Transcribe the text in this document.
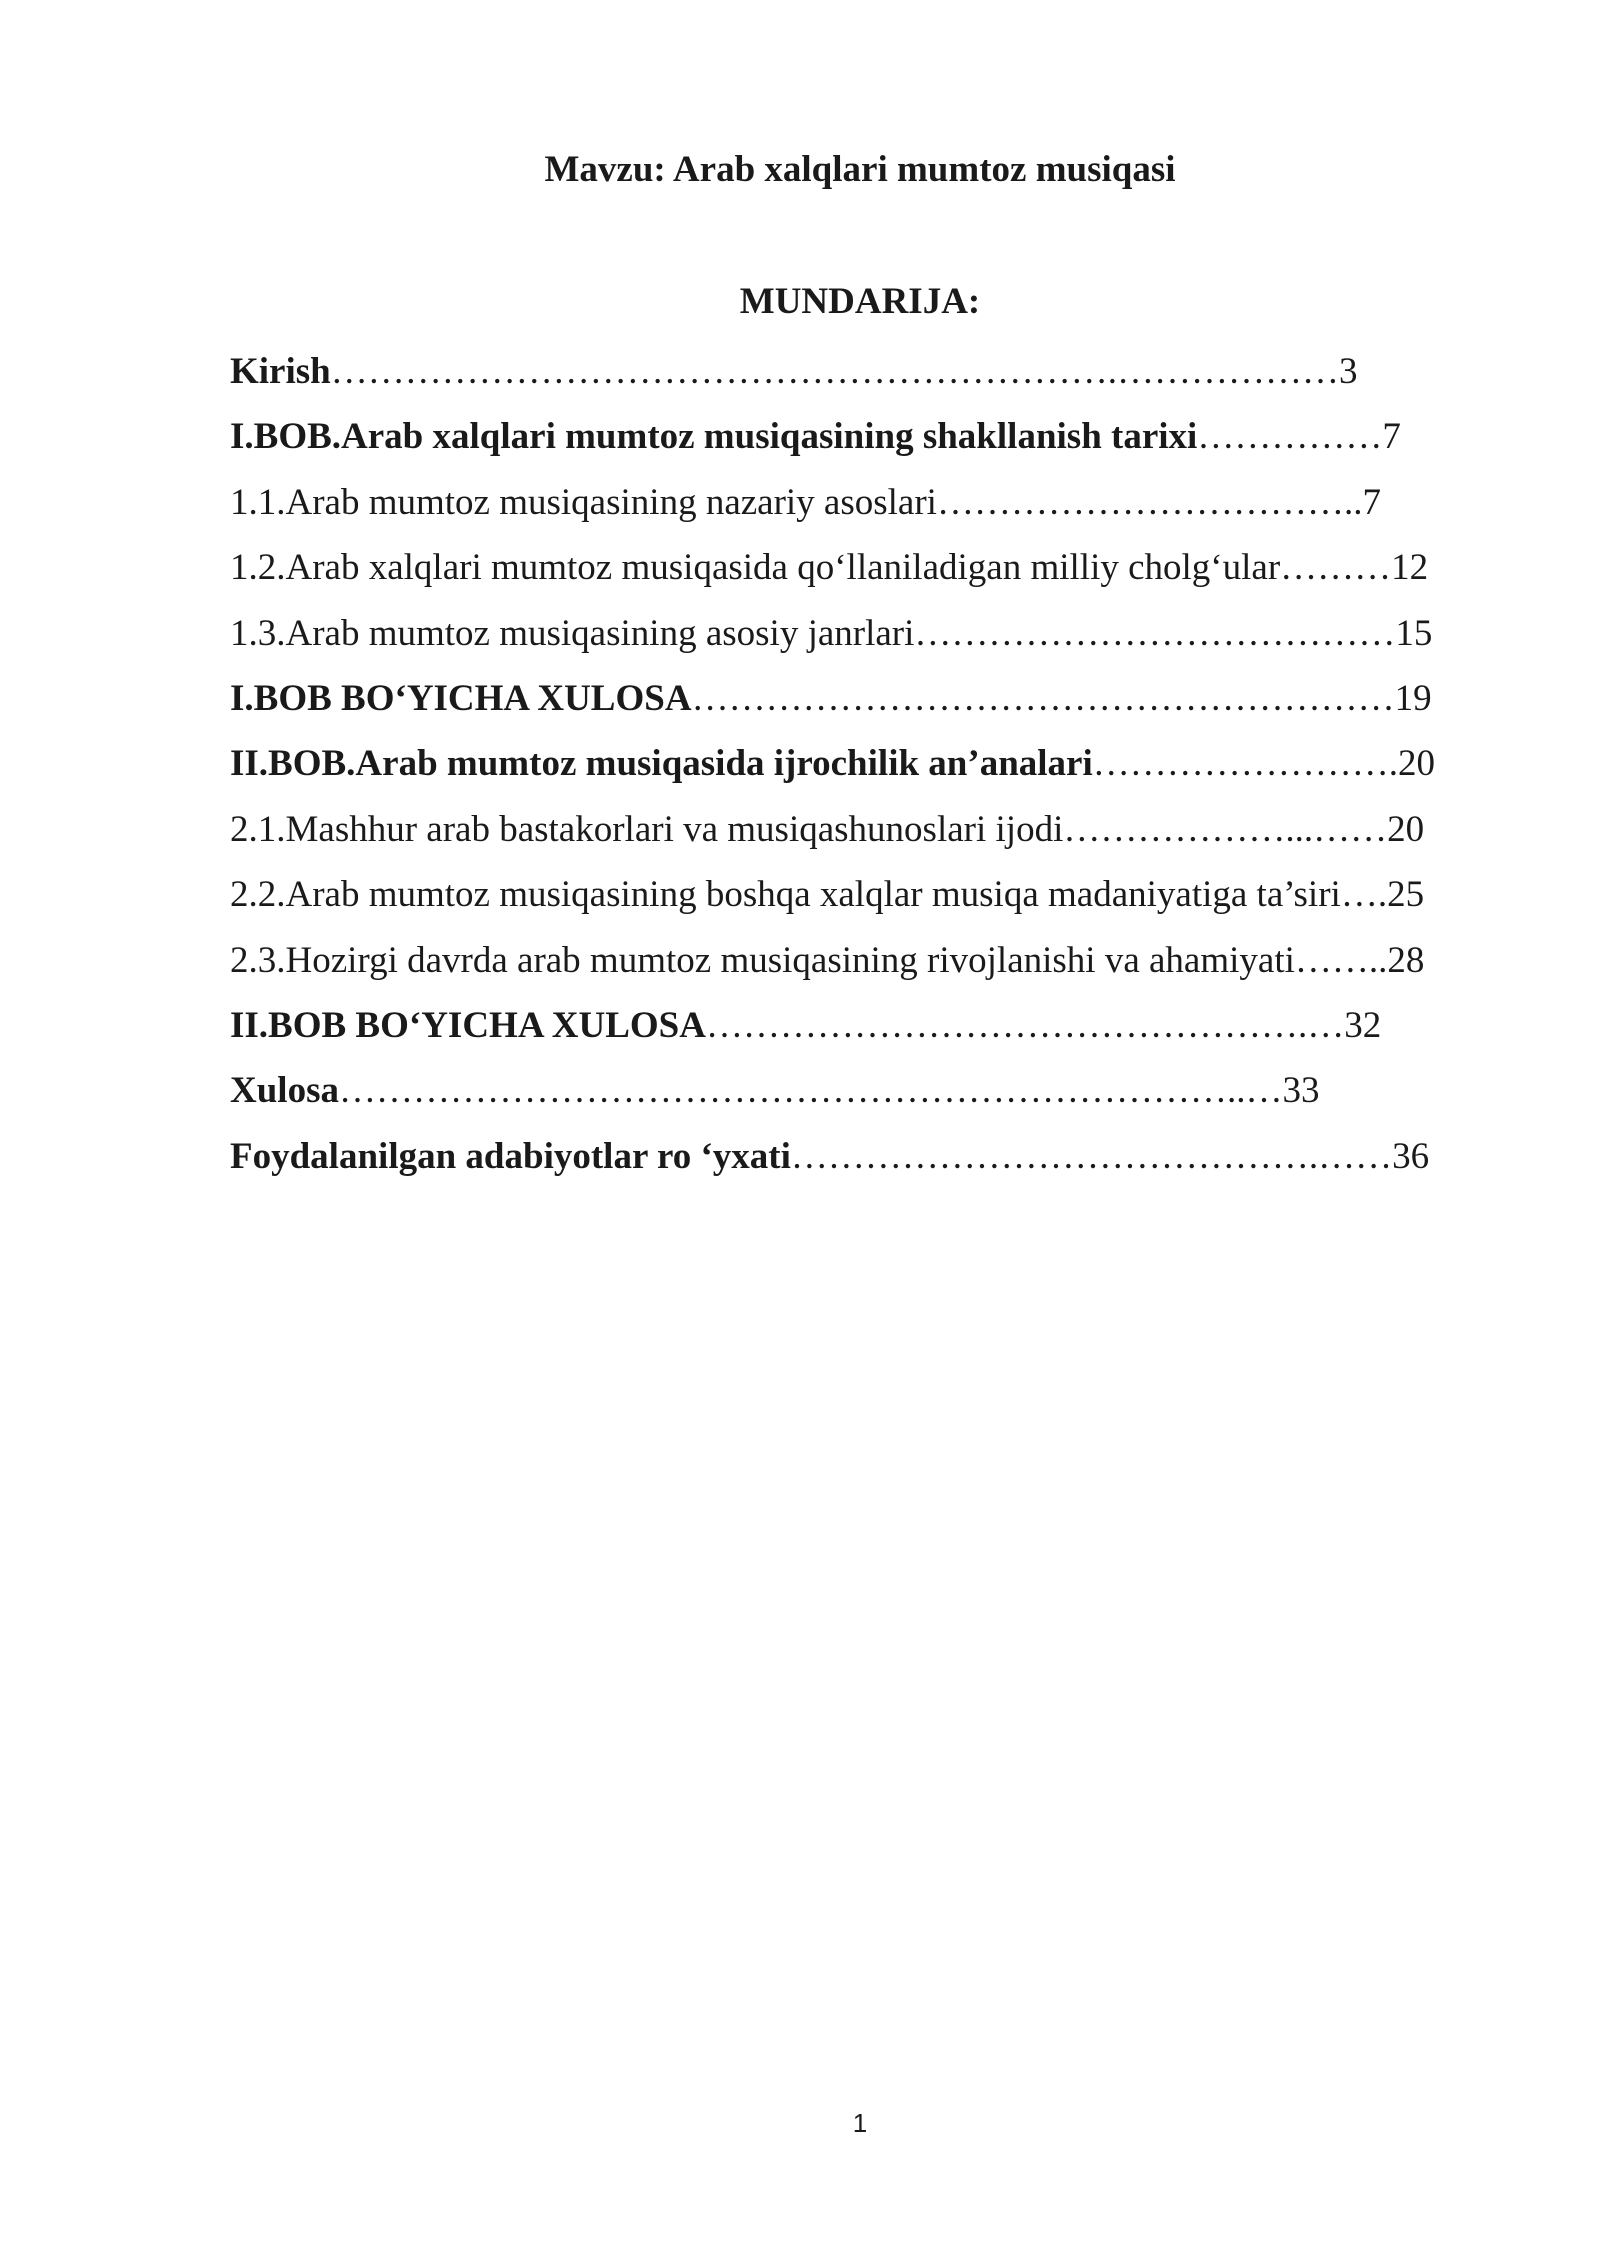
Mavzu: Arab xalqlari mumtoz musiqasi
MUNDARIJA:
Kirish……………………………………………………….………………3
I.BOB.Arab xalqlari mumtoz musiqasining shakllanish tarixi……………7
1.1.Arab mumtoz musiqasining nazariy asoslari……………………………..7
1.2.Arab xalqlari mumtoz musiqasida qo‘llaniladigan milliy cholg‘ular………12
1.3.Arab mumtoz musiqasining asosiy janrlari…………………………………15
I.BOB BO‘YICHA XULOSA…………………………………………………19
II.BOB.Arab mumtoz musiqasida ijrochilik an’analari…………………….20
2.1.Mashhur arab bastakorlari va musiqashunoslari ijodi………………...……20
2.2.Arab mumtoz musiqasining boshqa xalqlar musiqa madaniyatiga ta’siri….25
2.3.Hozirgi davrda arab mumtoz musiqasining rivojlanishi va ahamiyati……..28
II.BOB BO‘YICHA XULOSA………………………………………….…32
Xulosa………………………………………………………………..…33
Foydalanilgan adabiyotlar ro ‘yxati…………………………………….……36
1
